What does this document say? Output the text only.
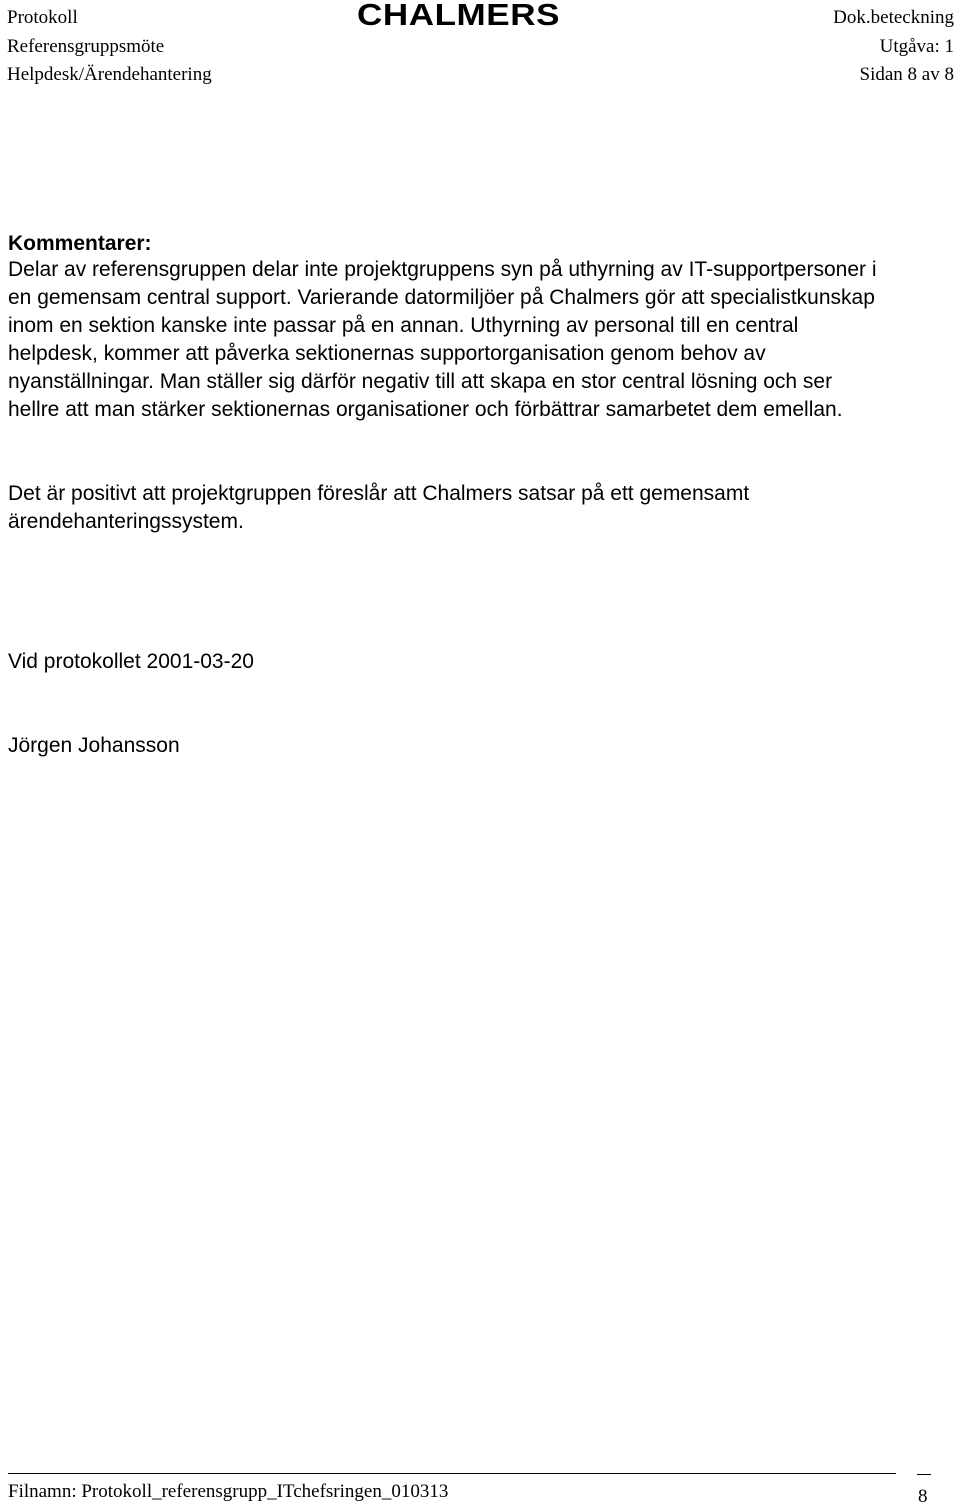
Protokoll
Referensgruppsmöte
Helpdesk/Ärendehantering
CHALMERS	Dok.beteckning
Utgåva: 1
Sidan 8 av 8
Kommentarer:
Delar av referensgruppen delar inte projektgruppens syn på uthyrning av IT-supportpersoner i en gemensam central support. Varierande datormiljöer på Chalmers gör att specialistkunskap inom en sektion kanske inte passar på en annan. Uthyrning av personal till en central helpdesk, kommer att påverka sektionernas supportorganisation genom behov av nyanställningar. Man ställer sig därför negativ till att skapa en stor central lösning och ser hellre att man stärker sektionernas organisationer och förbättrar samarbetet dem emellan.
Det är positivt att projektgruppen föreslår att Chalmers satsar på ett gemensamt ärendehanteringssystem.
Vid protokollet 2001-03-20
Jörgen Johansson
Filnamn: Protokoll_referensgrupp_ITchefsringen_010313	8
